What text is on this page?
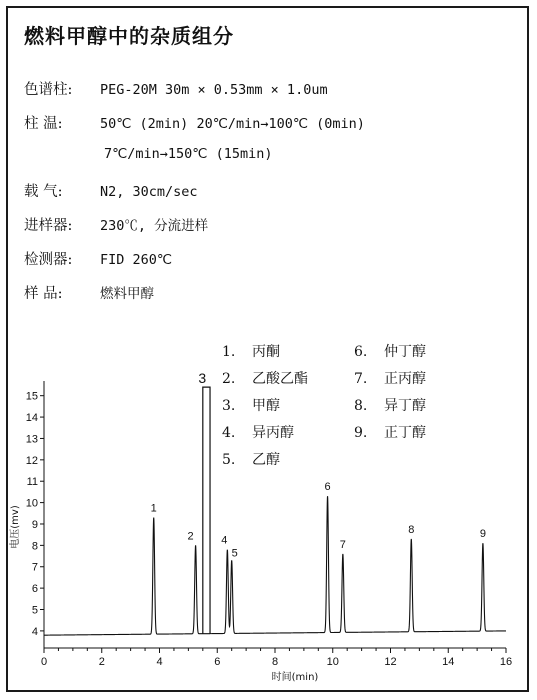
燃料甲醇中的杂质组分
色谱柱: PEG-20M 30m × 0.53mm × 1.0um
柱 温:	50℃ (2min) 20℃/min→100℃ (0min)
7℃/min→150℃ (15min)
载 气:	N2, 30cm/sec
进样器: 230℃, 分流进样
检测器: FID 260℃
样 品:	燃料甲醇
1. 丙酮
2. 乙酸乙酯
3. 甲醇
4. 异丙醇
5. 乙醇
6. 仲丁醇
7. 正丙醇
8. 异丁醇
9. 正丁醇
0	2	4	6	8	10	12	14	16
4
5
6
7
8
9
10
11
12
13
14
15
时间(min)
电压(mv)	1
2
3
4
5
6
7
8	9
